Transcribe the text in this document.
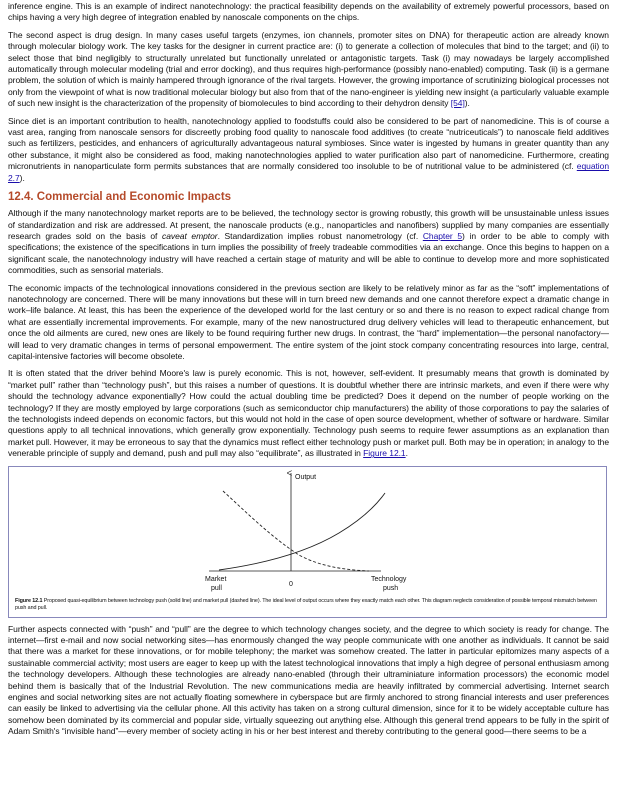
inference engine. This is an example of indirect nanotechnology: the practical feasibility depends on the availability of extremely powerful processors, based on chips having a very high degree of integration enabled by nanoscale components on the chips.

The second aspect is drug design. In many cases useful targets (enzymes, ion channels, promoter sites on DNA) for therapeutic action are already known through molecular biology work. The key tasks for the designer in current practice are: (i) to generate a collection of molecules that bind to the target; and (ii) to select those that bind negligibly to structurally unrelated but functionally unrelated or antagonistic targets. Task (i) may nowadays be largely accomplished automatically through molecular modeling (trial and error docking), and thus requires high-performance (possibly nano-enabled) computing. Task (ii) is a germane problem, the solution of which is mainly hampered through ignorance of the rival targets. However, the growing importance of scrutinizing biological processes not only from the viewpoint of what is now traditional molecular biology but also from that of the nano-engineer is yielding new insight (a particularly valuable example of such new insight is the characterization of the propensity of biomolecules to bind according to their dehydron density [54]).

Since diet is an important contribution to health, nanotechnology applied to foodstuffs could also be considered to be part of nanomedicine. This is of course a vast area, ranging from nanoscale sensors for discreetly probing food quality to nanoscale food additives (to create “nutriceuticals”) to nanoscale field additives such as fertilizers, pesticides, and enhancers of agriculturally advantageous natural symbioses. Since water is ingested by humans in greater quantity than any other substance, it might also be considered as food, making nanotechnologies applied to water purification also part of nanomedicine. Furthermore, creating micronutrients in nanoparticulate form permits substances that are normally considered too insoluble to be of nutritional value to be administered (cf. equation 2.7).

12.4. Commercial and Economic Impacts

Although if the many nanotechnology market reports are to be believed, the technology sector is growing robustly, this growth will be unsustainable unless issues of standardization and risk are addressed. At present, the nanoscale products (e.g., nanoparticles and nanofibers) supplied by many companies are essentially research grades sold on the basis of caveat emptor. Standardization implies robust nanometrology (cf. Chapter 5) in order to be able to comply with specifications; the existence of the specifications in turn implies the possibility of freely tradeable commodities via an exchange. Once this begins to happen on a significant scale, the nanotechnology industry will have reached a certain stage of maturity and will be able to continue to develop more and more sophisticated commodities, such as sensorial materials.

The economic impacts of the technological innovations considered in the previous section are likely to be relatively minor as far as the “soft” implementations of nanotechnology are concerned. There will be many innovations but these will in turn breed new demands and one cannot therefore expect a dramatic change in work–life balance. At least, this has been the experience of the developed world for the last century or so and there is no reason to expect radical change from what are essentially incremental improvements. For example, many of the new nanostructured drug delivery vehicles will lead to therapeutic enhancement, but once the old ailments are cured, new ones are likely to be found requiring further new drugs. In contrast, the “hard” implementation—the personal nanofactory—will lead to very dramatic changes in terms of personal empowerment. The entire system of the joint stock company concentrating resources into large, central, capital-intensive factories will become obsolete.

It is often stated that the driver behind Moore's law is purely economic. This is not, however, self-evident. It presumably means that growth is dominated by “market pull” rather than “technology push”, but this raises a number of questions. It is doubtful whether there are intrinsic markets, and even if there were why should the technology advance exponentially? How could the actual doubling time be predicted? Does it depend on the number of people working on the technology? If they are mostly employed by large corporations (such as semiconductor chip manufacturers) the ability of those corporations to pay the salaries of the technologists indeed depends on economic factors, but this would not hold in the case of open source development, whether of software or hardware. Similar questions apply to all technical innovations, which generally grow exponentially. Technology push seems to require fewer assumptions as an explanation than market pull. However, it may be erroneous to say that the dynamics must reflect either technology push or market pull. Both may be in operation; in analogy to the venerable principle of supply and demand, push and pull may also “equilibrate”, as illustrated in Figure 12.1.

Output
0
Market
pull
Technology
push
Figure 12.1 Proposed quasi-equilibrium between technology push (solid line) and market pull (dashed line). The ideal level of output occurs where they exactly match each other. This diagram neglects consideration of possible temporal mismatch between push and pull.

Further aspects connected with “push” and “pull” are the degree to which technology changes society, and the degree to which society is ready for change. The internet—first e-mail and now social networking sites—has enormously changed the way people communicate with one another as individuals. It cannot be said that there was a market for these innovations, or for mobile telephony; the market was somehow created. The latter in particular epitomizes many aspects of a sustainable commercial activity; most users are eager to keep up with the latest technological innovations that imply a high degree of personal enthusiasm among the technology developers. Although these technologies are already nano-enabled (through their ultraminiature information processors) the economic model behind them is basically that of the Industrial Revolution. The new communications media are heavily infiltrated by commercial advertising. Internet search engines and social networking sites are not actually floating somewhere in cyberspace but are firmly anchored to strong financial interests and user preferences can easily be linked to advertising via the cellular phone. All this activity has taken on a strong cultural dimension, since for it to be widely acceptable culture has somehow been dominated by its commercial and popular side, virtually squeezing out anything else. Although this general trend appears to be fully in the spirit of Adam Smith's “invisible hand”—every member of society acting in his or her best interest and thereby contributing to the general good—there seems to be a
